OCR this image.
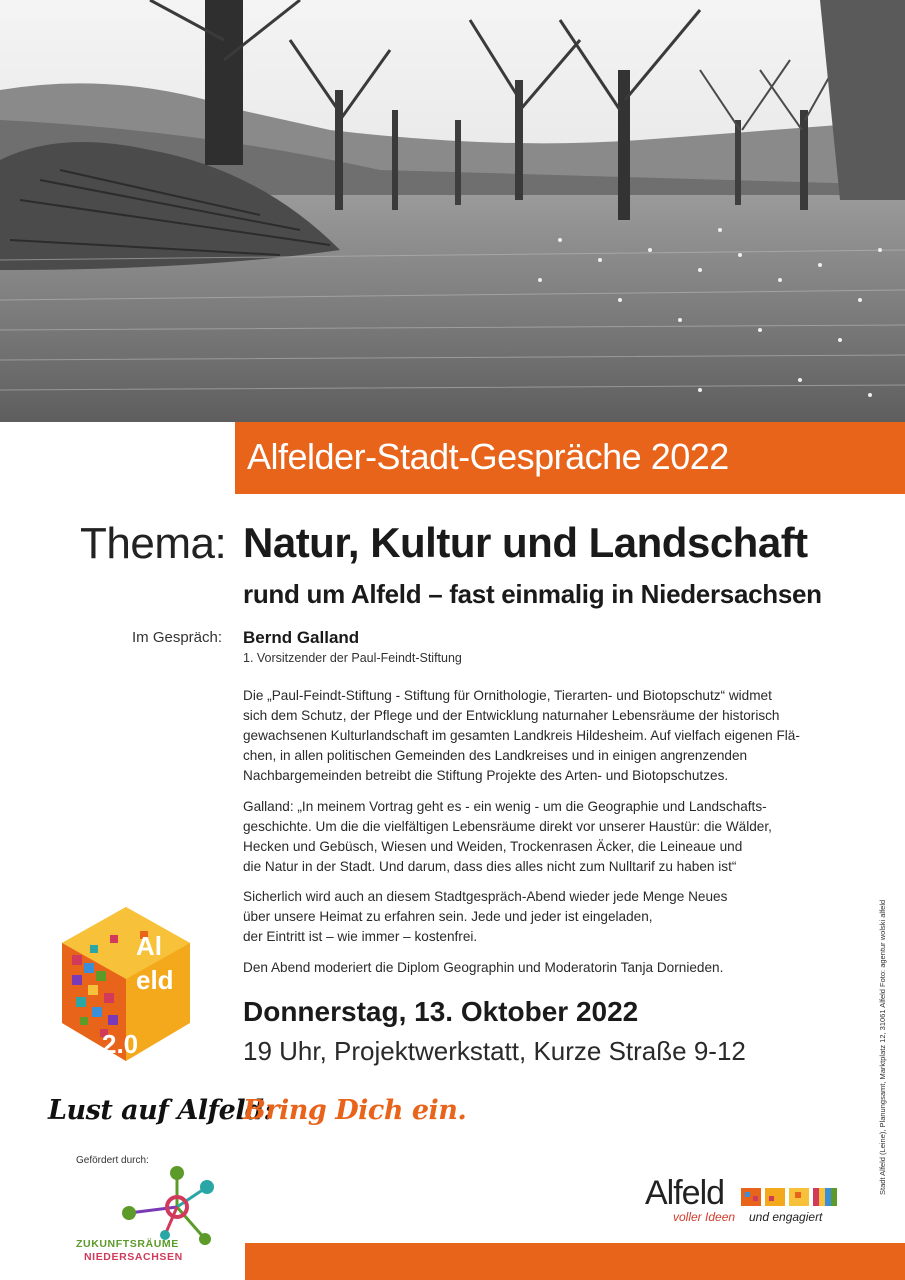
Alfelder-Stadt-Gespräche 2022
Thema: Natur, Kultur und Landschaft
rund um Alfeld – fast einmalig in Niedersachsen
Im Gespräch: Bernd Galland
1. Vorsitzender der Paul-Feindt-Stiftung
Die „Paul-Feindt-Stiftung - Stiftung für Ornithologie, Tierarten- und Biotopschutz“ widmet
sich dem Schutz, der Pflege und der Entwicklung naturnaher Lebensräume der historisch
gewachsenen Kulturlandschaft im gesamten Landkreis Hildesheim. Auf vielfach eigenen Flä-
chen, in allen politischen Gemeinden des Landkreises und in einigen angrenzenden
Nachbargemeinden betreibt die Stiftung Projekte des Arten- und Biotopschutzes.
Galland: „In meinem Vortrag geht es - ein wenig - um die Geographie und Landschafts-
geschichte. Um die die vielfältigen Lebensräume direkt vor unserer Haustür: die Wälder,
Hecken und Gebüsch, Wiesen und Weiden, Trockenrasen Äcker, die Leineaue und
die Natur in der Stadt. Und darum, dass dies alles nicht zum Nulltarif zu haben ist“
Sicherlich wird auch an diesem Stadtgespräch-Abend wieder jede Menge Neues
über unsere Heimat zu erfahren sein. Jede und jeder ist eingeladen,
der Eintritt ist – wie immer – kostenfrei.
Den Abend moderiert die Diplom Geographin und Moderatorin Tanja Dornieden.
Donnerstag, 13. Oktober 2022
19 Uhr, Projektwerkstatt, Kurze Straße 9-12
Al
eld
2.0
Lust auf Alfeld:
Bring Dich ein.
Gefördert durch:
ZUKUNFTSRÄUME
NIEDERSACHSEN
Alfeld
voller Ideen und engagiert
Stadt Alfeld (Leine), Planungsamt, Marktplatz 12, 31061 Alfeld Foto: agentur wolski alfeld
